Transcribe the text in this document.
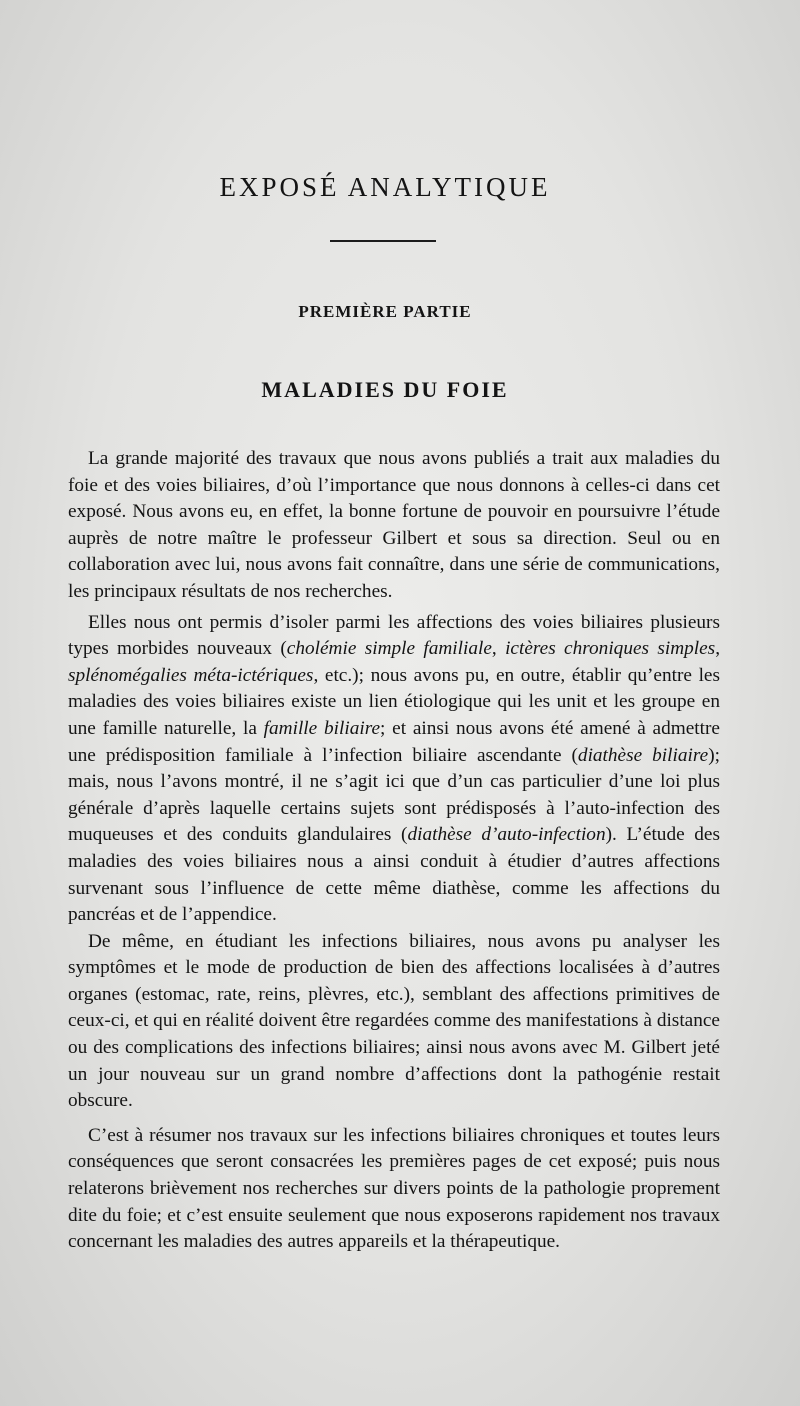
EXPOSÉ ANALYTIQUE
PREMIÈRE PARTIE
MALADIES DU FOIE

La grande majorité des travaux que nous avons publiés a trait aux maladies du foie et des voies biliaires, d’où l’importance que nous donnons à celles-ci dans cet exposé. Nous avons eu, en effet, la bonne fortune de pouvoir en poursuivre l’étude auprès de notre maître le professeur Gilbert et sous sa direction. Seul ou en collaboration avec lui, nous avons fait connaître, dans une série de communications, les principaux résultats de nos recherches.

Elles nous ont permis d’isoler parmi les affections des voies biliaires plusieurs types morbides nouveaux (cholémie simple familiale, ictères chroniques simples, splénomégalies méta-ictériques, etc.); nous avons pu, en outre, établir qu’entre les maladies des voies biliaires existe un lien étiologique qui les unit et les groupe en une famille naturelle, la famille biliaire; et ainsi nous avons été amené à admettre une prédisposition familiale à l’infection biliaire ascendante (diathèse biliaire); mais, nous l’avons montré, il ne s’agit ici que d’un cas particulier d’une loi plus générale d’après laquelle certains sujets sont prédisposés à l’auto-infection des muqueuses et des conduits glandulaires (diathèse d’auto-infection). L’étude des maladies des voies biliaires nous a ainsi conduit à étudier d’autres affections survenant sous l’influence de cette même diathèse, comme les affections du pancréas et de l’appendice.

De même, en étudiant les infections biliaires, nous avons pu analyser les symptômes et le mode de production de bien des affections localisées à d’autres organes (estomac, rate, reins, plèvres, etc.), semblant des affections primitives de ceux-ci, et qui en réalité doivent être regardées comme des manifestations à distance ou des complications des infections biliaires; ainsi nous avons avec M. Gilbert jeté un jour nouveau sur un grand nombre d’affections dont la pathogénie restait obscure.

C’est à résumer nos travaux sur les infections biliaires chroniques et toutes leurs conséquences que seront consacrées les premières pages de cet exposé; puis nous relaterons brièvement nos recherches sur divers points de la pathologie proprement dite du foie; et c’est ensuite seulement que nous exposerons rapidement nos travaux concernant les maladies des autres appareils et la thérapeutique.
